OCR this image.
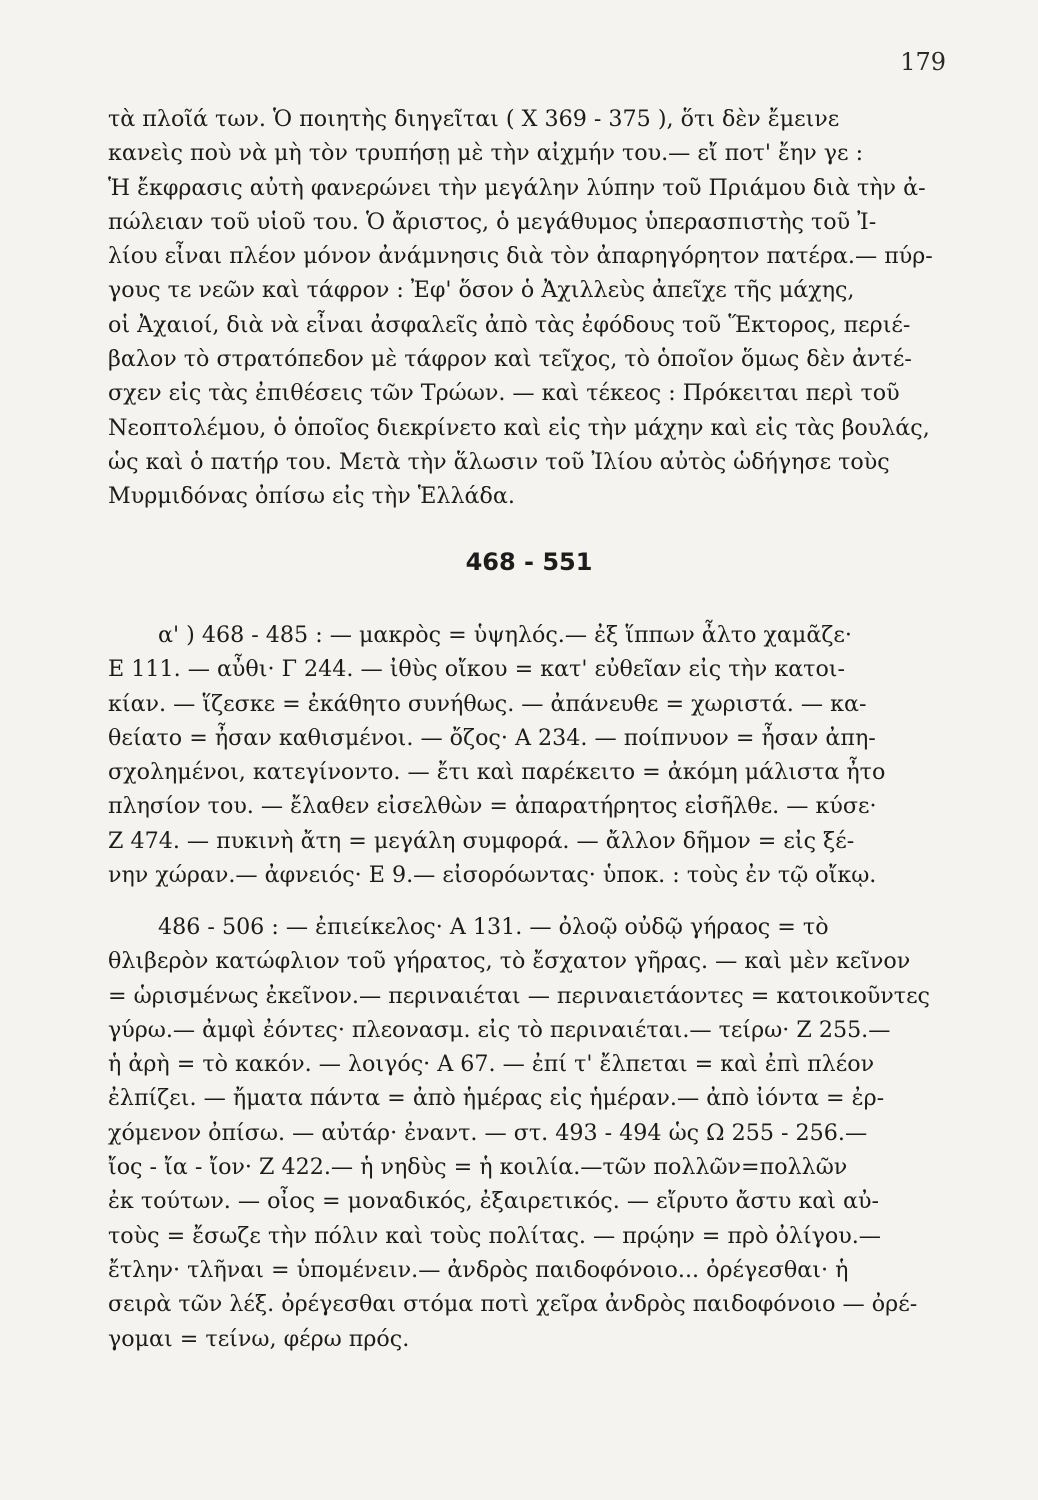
179
τὰ πλοῖά των. Ὁ ποιητὴς διηγεῖται ( Χ 369 - 375 ), ὅτι δὲν ἔμεινε
κανεὶς ποὺ νὰ μὴ τὸν τρυπήσῃ μὲ τὴν αἰχμήν του.— εἴ ποτ' ἔην γε :
Ἡ ἔκφρασις αὐτὴ φανερώνει τὴν μεγάλην λύπην τοῦ Πριάμου διὰ τὴν ἀ-
πώλειαν τοῦ υἱοῦ του. Ὁ ἄριστος, ὁ μεγάθυμος ὑπερασπιστὴς τοῦ Ἰ-
λίου εἶναι πλέον μόνον ἀνάμνησις διὰ τὸν ἀπαρηγόρητον πατέρα.— πύρ-
γους τε νεῶν καὶ τάφρον : Ἐφ' ὅσον ὁ Ἀχιλλεὺς ἀπεῖχε τῆς μάχης,
οἱ Ἀχαιοί, διὰ νὰ εἶναι ἀσφαλεῖς ἀπὸ τὰς ἐφόδους τοῦ Ἕκτορος, περιέ-
βαλον τὸ στρατόπεδον μὲ τάφρον καὶ τεῖχος, τὸ ὁποῖον ὅμως δὲν ἀντέ-
σχεν εἰς τὰς ἐπιθέσεις τῶν Τρώων. — καὶ τέκεος : Πρόκειται περὶ τοῦ
Νεοπτολέμου, ὁ ὁποῖος διεκρίνετο καὶ εἰς τὴν μάχην καὶ εἰς τὰς βουλάς,
ὡς καὶ ὁ πατήρ του. Μετὰ τὴν ἅλωσιν τοῦ Ἰλίου αὐτὸς ὡδήγησε τοὺς
Μυρμιδόνας ὀπίσω εἰς τὴν Ἑλλάδα.
468 - 551
α' ) 468 - 485 : — μακρὸς = ὑψηλός.— ἐξ ἵππων ἆλτο χαμᾶζε·
Ε 111. — αὖθι· Γ 244. — ἰθὺς οἴκου = κατ' εὐθεῖαν εἰς τὴν κατοι-
κίαν. — ἵζεσκε = ἐκάθητο συνήθως. — ἀπάνευθε = χωριστά. — κα-
θείατο = ἦσαν καθισμένοι. — ὄζος· Α 234. — ποίπνυον = ἦσαν ἀπη-
σχολημένοι, κατεγίνοντο. — ἔτι καὶ παρέκειτο = ἀκόμη μάλιστα ἦτο
πλησίον του. — ἔλαθεν εἰσελθὼν = ἀπαρατήρητος εἰσῆλθε. — κύσε·
Ζ 474. — πυκινὴ ἄτη = μεγάλη συμφορά. — ἄλλον δῆμον = εἰς ξέ-
νην χώραν.— ἀφνειός· Ε 9.— εἰσορόωντας· ὑποκ. : τοὺς ἐν τῷ οἴκῳ.
486 - 506 : — ἐπιείκελος· Α 131. — ὀλοῷ οὐδῷ γήραος = τὸ
θλιβερὸν κατώφλιον τοῦ γήρατος, τὸ ἔσχατον γῆρας. — καὶ μὲν κεῖνον
= ὡρισμένως ἐκεῖνον.— περιναιέται — περιναιετάοντες = κατοικοῦντες
γύρω.— ἀμφὶ ἐόντες· πλεονασμ. εἰς τὸ περιναιέται.— τείρω· Ζ 255.—
ἡ ἀρὴ = τὸ κακόν. — λοιγός· Α 67. — ἐπί τ' ἔλπεται = καὶ ἐπὶ πλέον
ἐλπίζει. — ἤματα πάντα = ἀπὸ ἡμέρας εἰς ἡμέραν.— ἀπὸ ἰόντα = ἐρ-
χόμενον ὀπίσω. — αὐτάρ· ἐναντ. — στ. 493 - 494 ὡς Ω 255 - 256.—
ἴος - ἴα - ἴον· Ζ 422.— ἡ νηδὺς = ἡ κοιλία.—τῶν πολλῶν=πολλῶν
ἐκ τούτων. — οἶος = μοναδικός, ἐξαιρετικός. — εἴρυτο ἄστυ καὶ αὐ-
τοὺς = ἔσωζε τὴν πόλιν καὶ τοὺς πολίτας. — πρῴην = πρὸ ὀλίγου.—
ἔτλην· τλῆναι = ὑπομένειν.— ἀνδρὸς παιδοφόνοιο... ὀρέγεσθαι· ἡ
σειρὰ τῶν λέξ. ὀρέγεσθαι στόμα ποτὶ χεῖρα ἀνδρὸς παιδοφόνοιο — ὀρέ-
γομαι = τείνω, φέρω πρός.
